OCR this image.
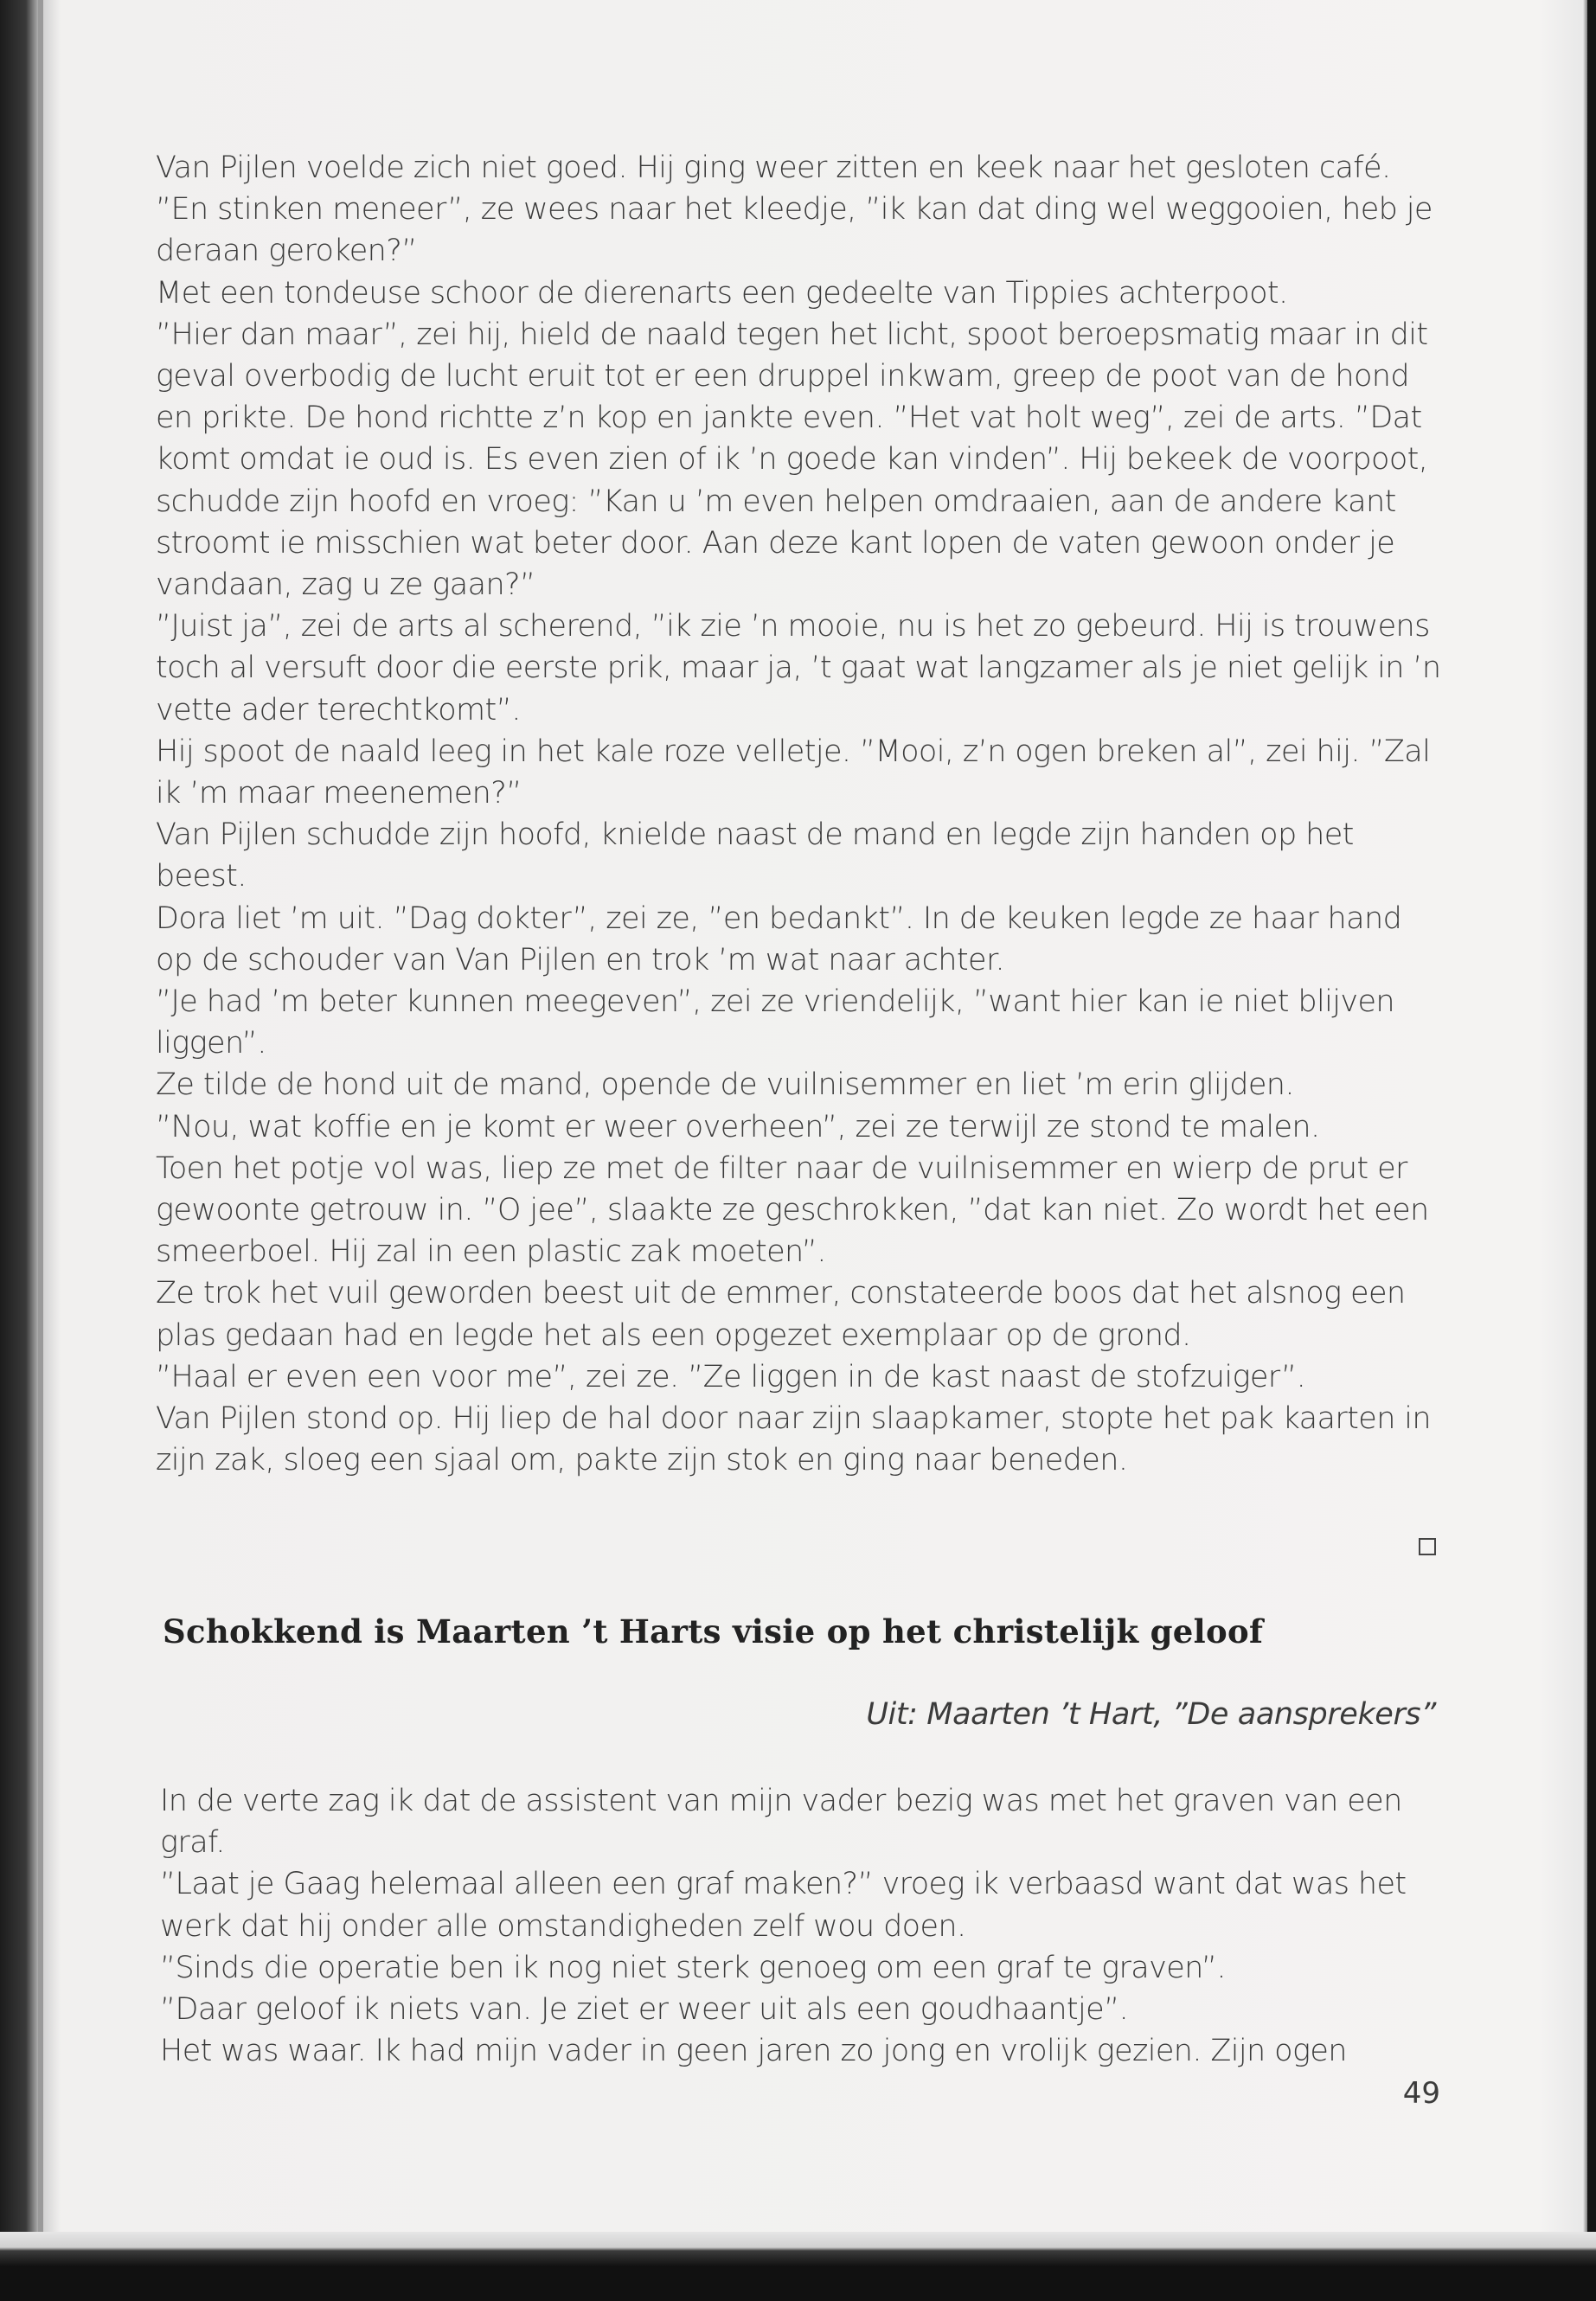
Van Pijlen voelde zich niet goed. Hij ging weer zitten en keek naar het gesloten café.

”En stinken meneer”, ze wees naar het kleedje, ”ik kan dat ding wel weggooien, heb je deraan geroken?”

Met een tondeuse schoor de dierenarts een gedeelte van Tippies achterpoot.

”Hier dan maar”, zei hij, hield de naald tegen het licht, spoot beroepsmatig maar in dit geval overbodig de lucht eruit tot er een druppel inkwam, greep de poot van de hond en prikte. De hond richtte z’n kop en jankte even. ”Het vat holt weg”, zei de arts. ”Dat komt omdat ie oud is. Es even zien of ik ’n goede kan vinden”. Hij bekeek de voorpoot, schudde zijn hoofd en vroeg: ”Kan u ’m even helpen omdraaien, aan de andere kant stroomt ie misschien wat beter door. Aan deze kant lopen de vaten gewoon onder je vandaan, zag u ze gaan?”

”Juist ja”, zei de arts al scherend, ”ik zie ’n mooie, nu is het zo gebeurd. Hij is trouwens toch al versuft door die eerste prik, maar ja, ’t gaat wat langzamer als je niet gelijk in ’n vette ader terechtkomt”.

Hij spoot de naald leeg in het kale roze velletje. ”Mooi, z’n ogen breken al”, zei hij. ”Zal ik ’m maar meenemen?”

Van Pijlen schudde zijn hoofd, knielde naast de mand en legde zijn handen op het beest.

Dora liet ’m uit. ”Dag dokter”, zei ze, ”en bedankt”. In de keuken legde ze haar hand op de schouder van Van Pijlen en trok ’m wat naar achter.

”Je had ’m beter kunnen meegeven”, zei ze vriendelijk, ”want hier kan ie niet blijven liggen”.

Ze tilde de hond uit de mand, opende de vuilnisemmer en liet ’m erin glijden.

”Nou, wat koffie en je komt er weer overheen”, zei ze terwijl ze stond te malen.

Toen het potje vol was, liep ze met de filter naar de vuilnisemmer en wierp de prut er gewoonte getrouw in. ”O jee”, slaakte ze geschrokken, ”dat kan niet. Zo wordt het een smeerboel. Hij zal in een plastic zak moeten”.

Ze trok het vuil geworden beest uit de emmer, constateerde boos dat het alsnog een plas gedaan had en legde het als een opgezet exemplaar op de grond.

”Haal er even een voor me”, zei ze. ”Ze liggen in de kast naast de stofzuiger”.

Van Pijlen stond op. Hij liep de hal door naar zijn slaapkamer, stopte het pak kaarten in zijn zak, sloeg een sjaal om, pakte zijn stok en ging naar beneden.

Schokkend is Maarten ’t Harts visie op het christelijk geloof
Uit: Maarten ’t Hart, ”De aansprekers”

In de verte zag ik dat de assistent van mijn vader bezig was met het graven van een graf.

”Laat je Gaag helemaal alleen een graf maken?” vroeg ik verbaasd want dat was het werk dat hij onder alle omstandigheden zelf wou doen.

”Sinds die operatie ben ik nog niet sterk genoeg om een graf te graven”.

”Daar geloof ik niets van. Je ziet er weer uit als een goudhaantje”.

Het was waar. Ik had mijn vader in geen jaren zo jong en vrolijk gezien. Zijn ogen

49
